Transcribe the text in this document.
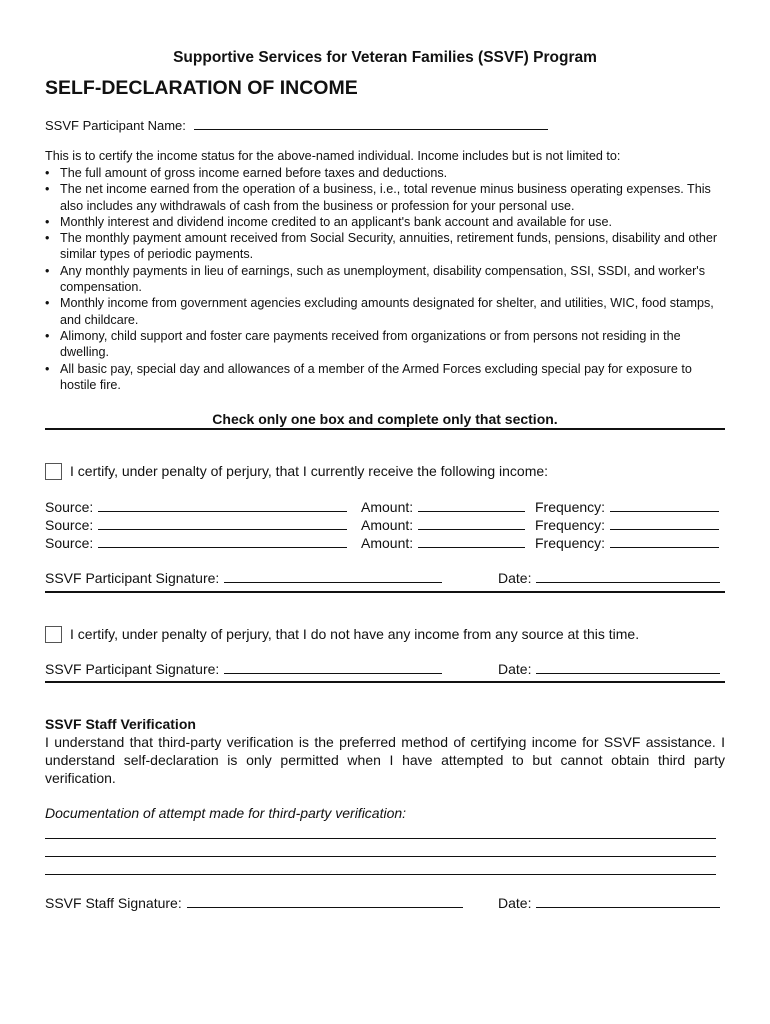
Supportive Services for Veteran Families (SSVF) Program
SELF-DECLARATION OF INCOME
SSVF Participant Name:
This is to certify the income status for the above-named individual. Income includes but is not limited to:
• The full amount of gross income earned before taxes and deductions.
• The net income earned from the operation of a business, i.e., total revenue minus business operating expenses. This also includes any withdrawals of cash from the business or profession for your personal use.
• Monthly interest and dividend income credited to an applicant's bank account and available for use.
• The monthly payment amount received from Social Security, annuities, retirement funds, pensions, disability and other similar types of periodic payments.
• Any monthly payments in lieu of earnings, such as unemployment, disability compensation, SSI, SSDI, and worker's compensation.
• Monthly income from government agencies excluding amounts designated for shelter, and utilities, WIC, food stamps, and childcare.
• Alimony, child support and foster care payments received from organizations or from persons not residing in the dwelling.
• All basic pay, special day and allowances of a member of the Armed Forces excluding special pay for exposure to hostile fire.
Check only one box and complete only that section.
I certify, under penalty of perjury, that I currently receive the following income:
Source:	Amount:	Frequency:
Source:	Amount:	Frequency:
Source:	Amount:	Frequency:
SSVF Participant Signature:	Date:
I certify, under penalty of perjury, that I do not have any income from any source at this time.
SSVF Participant Signature:	Date:
SSVF Staff Verification
I understand that third-party verification is the preferred method of certifying income for SSVF assistance. I understand self-declaration is only permitted when I have attempted to but cannot obtain third party verification.
Documentation of attempt made for third-party verification:
SSVF Staff Signature:	Date:
